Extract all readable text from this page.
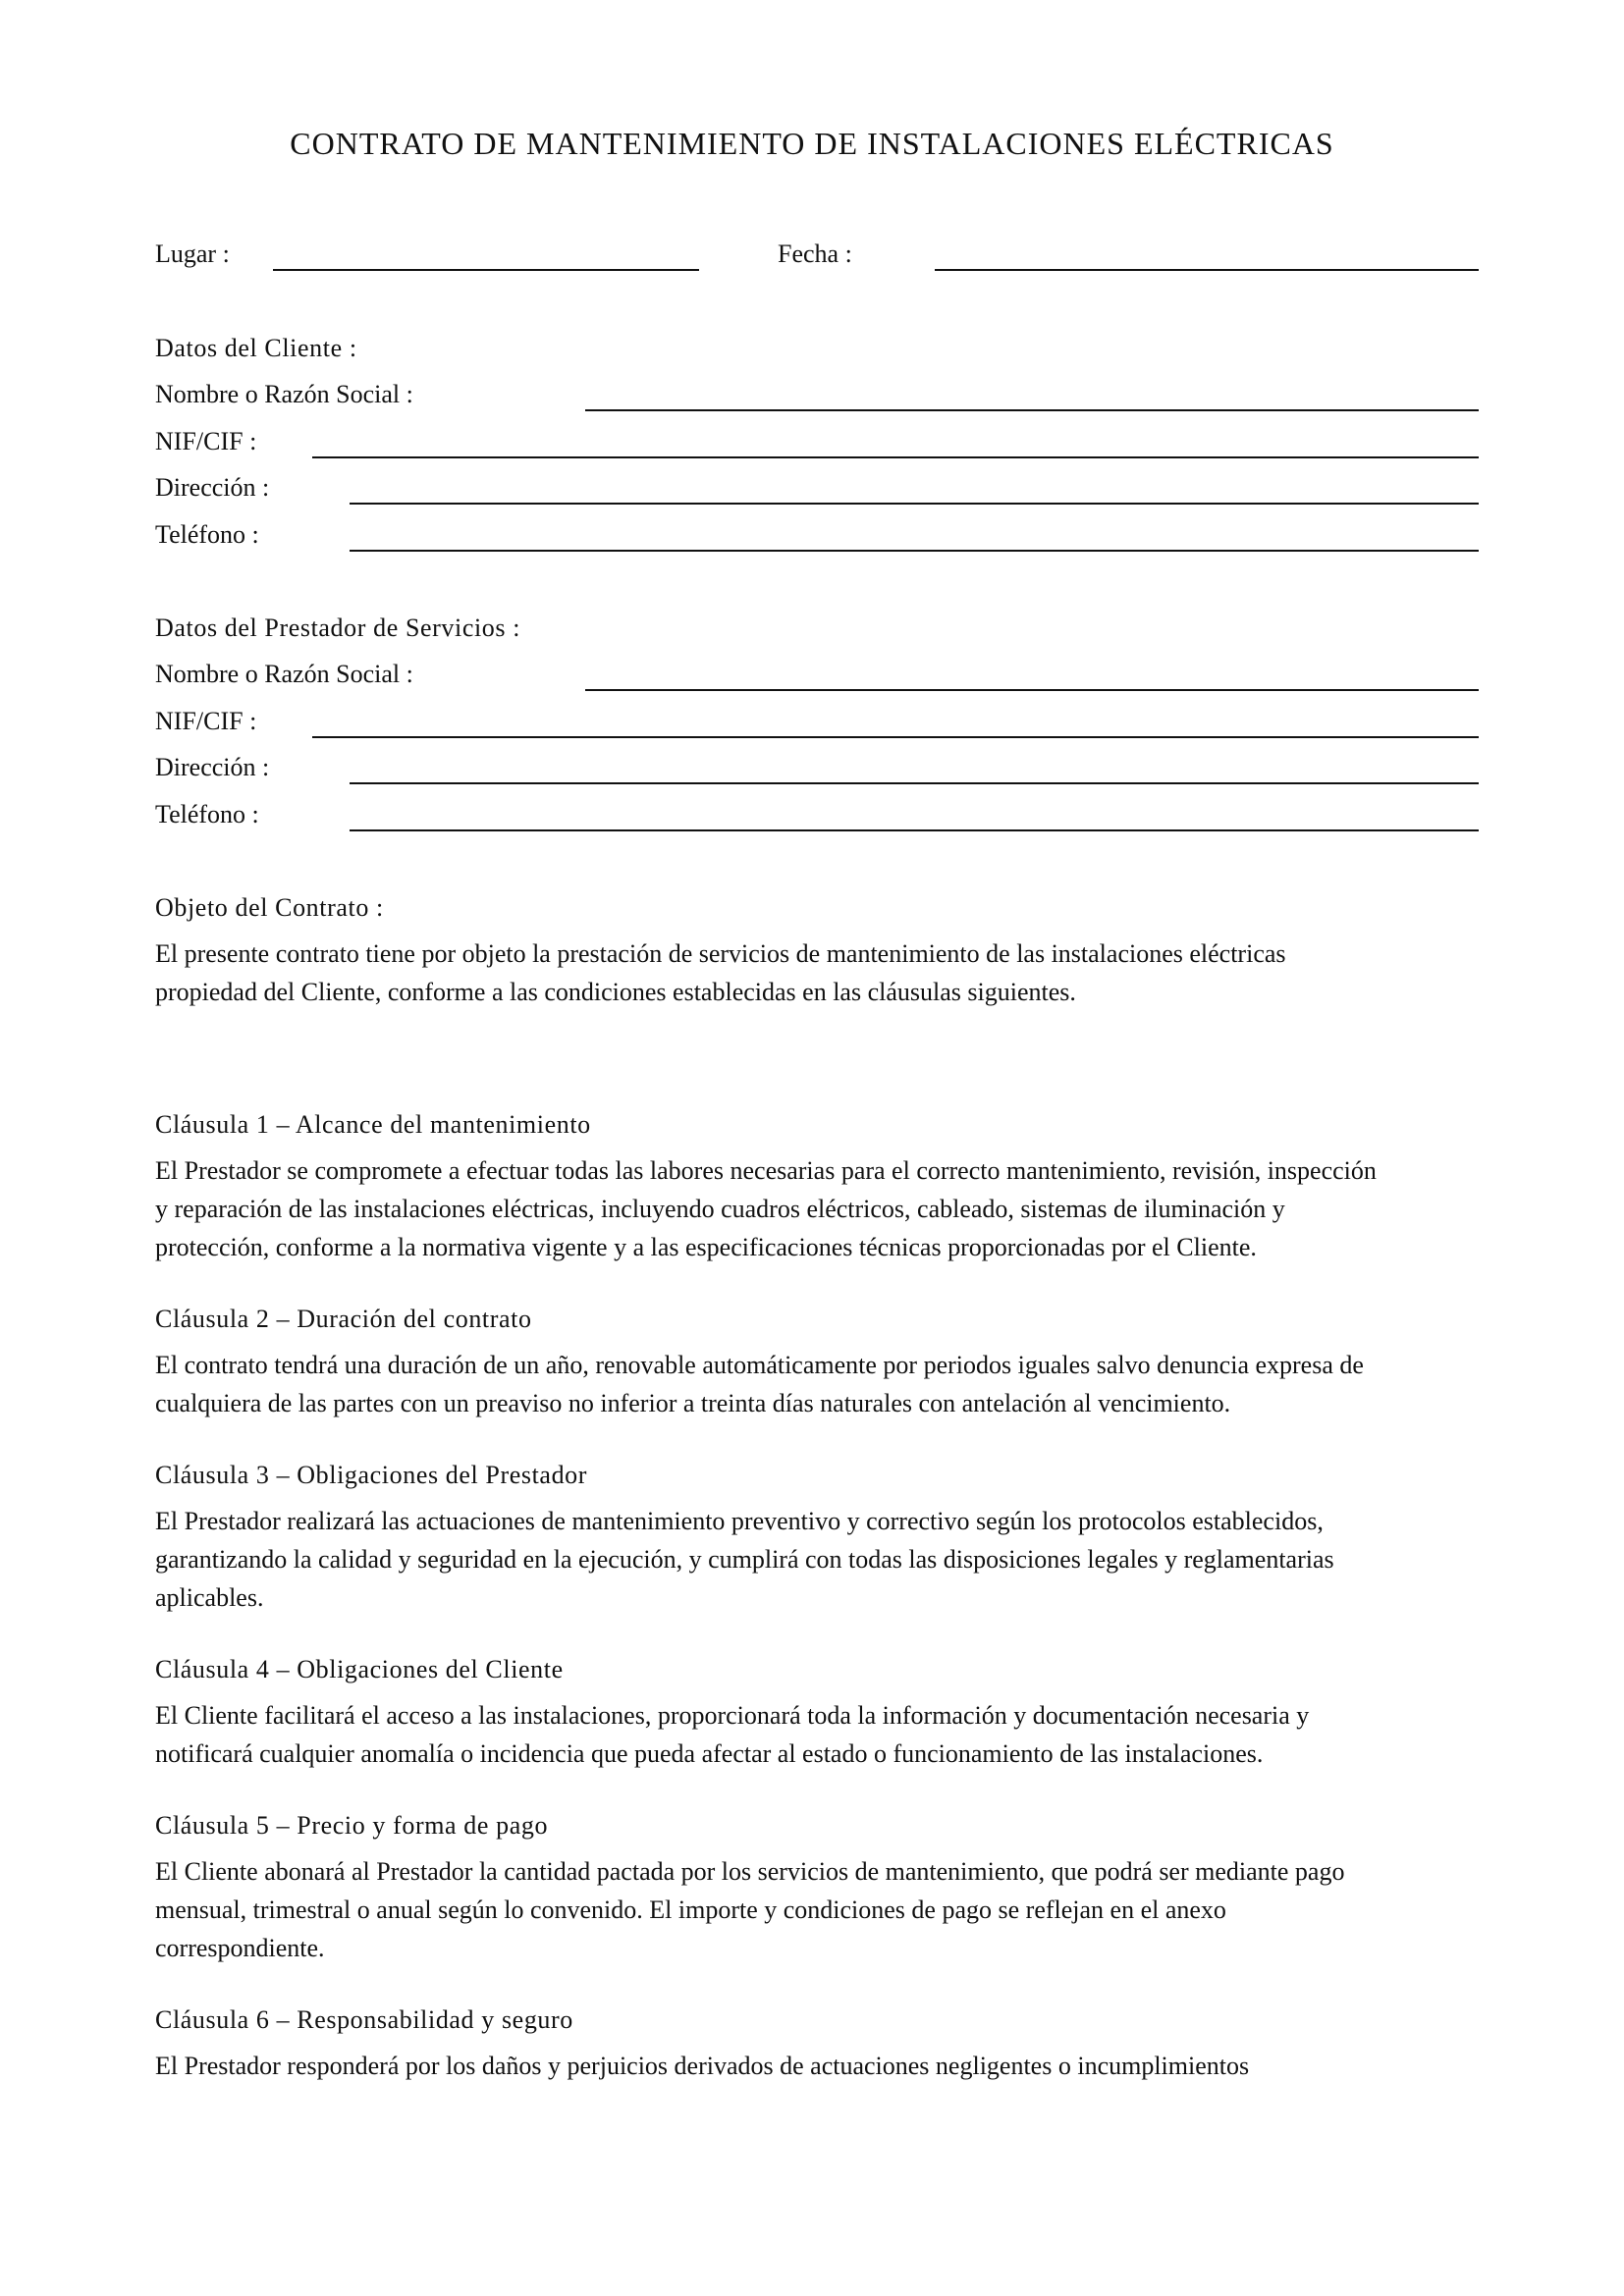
CONTRATO DE MANTENIMIENTO DE INSTALACIONES ELÉCTRICAS
Lugar :	Fecha :
Datos del Cliente :
Nombre o Razón Social :
NIF/CIF :
Dirección :
Teléfono :
Datos del Prestador de Servicios :
Nombre o Razón Social :
NIF/CIF :
Dirección :
Teléfono :
Objeto del Contrato :
El presente contrato tiene por objeto la prestación de servicios de mantenimiento de las instalaciones eléctricas
propiedad del Cliente, conforme a las condiciones establecidas en las cláusulas siguientes.
Cláusula 1 – Alcance del mantenimiento
El Prestador se compromete a efectuar todas las labores necesarias para el correcto mantenimiento, revisión, inspección
y reparación de las instalaciones eléctricas, incluyendo cuadros eléctricos, cableado, sistemas de iluminación y
protección, conforme a la normativa vigente y a las especificaciones técnicas proporcionadas por el Cliente.
Cláusula 2 – Duración del contrato
El contrato tendrá una duración de un año, renovable automáticamente por periodos iguales salvo denuncia expresa de
cualquiera de las partes con un preaviso no inferior a treinta días naturales con antelación al vencimiento.
Cláusula 3 – Obligaciones del Prestador
El Prestador realizará las actuaciones de mantenimiento preventivo y correctivo según los protocolos establecidos,
garantizando la calidad y seguridad en la ejecución, y cumplirá con todas las disposiciones legales y reglamentarias
aplicables.
Cláusula 4 – Obligaciones del Cliente
El Cliente facilitará el acceso a las instalaciones, proporcionará toda la información y documentación necesaria y
notificará cualquier anomalía o incidencia que pueda afectar al estado o funcionamiento de las instalaciones.
Cláusula 5 – Precio y forma de pago
El Cliente abonará al Prestador la cantidad pactada por los servicios de mantenimiento, que podrá ser mediante pago
mensual, trimestral o anual según lo convenido. El importe y condiciones de pago se reflejan en el anexo
correspondiente.
Cláusula 6 – Responsabilidad y seguro
El Prestador responderá por los daños y perjuicios derivados de actuaciones negligentes o incumplimientos
